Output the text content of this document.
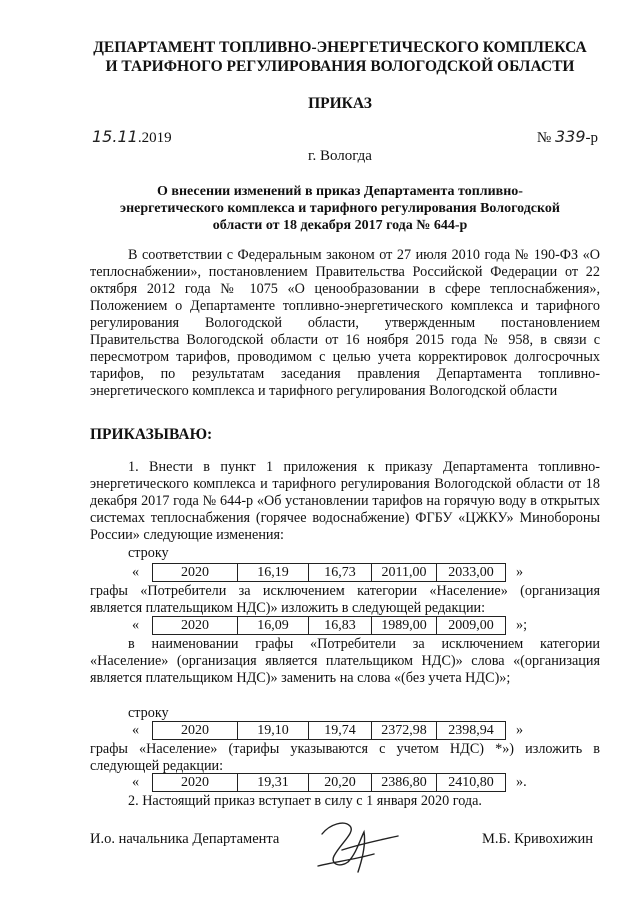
ДЕПАРТАМЕНТ ТОПЛИВНО-ЭНЕРГЕТИЧЕСКОГО КОМПЛЕКСА
И ТАРИФНОГО РЕГУЛИРОВАНИЯ ВОЛОГОДСКОЙ ОБЛАСТИ
ПРИКАЗ
15.11.2019	№ 339-р
г. Вологда
О внесении изменений в приказ Департамента топливно-
энергетического комплекса и тарифного регулирования Вологодской
области от 18 декабря 2017 года № 644-р
В соответствии с Федеральным законом от 27 июля 2010 года № 190-ФЗ «О теплоснабжении», постановлением Правительства Российской Федерации от 22 октября 2012 года № 1075 «О ценообразовании в сфере теплоснабжения», Положением о Департаменте топливно-энергетического комплекса и тарифного регулирования Вологодской области, утвержденным постановлением Правительства Вологодской области от 16 ноября 2015 года № 958, в связи с пересмотром тарифов, проводимом с целью учета корректировок долгосрочных тарифов, по результатам заседания правления Департамента топливно-энергетического комплекса и тарифного регулирования Вологодской области
ПРИКАЗЫВАЮ:
1. Внести в пункт 1 приложения к приказу Департамента топливно-энергетического комплекса и тарифного регулирования Вологодской области от 18 декабря 2017 года № 644-р «Об установлении тарифов на горячую воду в открытых системах теплоснабжения (горячее водоснабжение) ФГБУ «ЦЖКУ» Минобороны России» следующие изменения:
строку
«	2020	16,19	16,73	2011,00	2033,00 »
графы «Потребители за исключением категории «Население» (организация является плательщиком НДС)» изложить в следующей редакции:
«	2020	16,09	16,83	1989,00	2009,00 »;
в наименовании графы «Потребители за исключением категории «Население» (организация является плательщиком НДС)» слова «(организация является плательщиком НДС)» заменить на слова «(без учета НДС)»;
строку
«	2020	19,10	19,74	2372,98	2398,94 »
графы «Население» (тарифы указываются с учетом НДС) *») изложить в следующей редакции:
«	2020	19,31	20,20	2386,80	2410,80 ».
2. Настоящий приказ вступает в силу с 1 января 2020 года.
И.о. начальника Департамента	М.Б. Кривохижин
